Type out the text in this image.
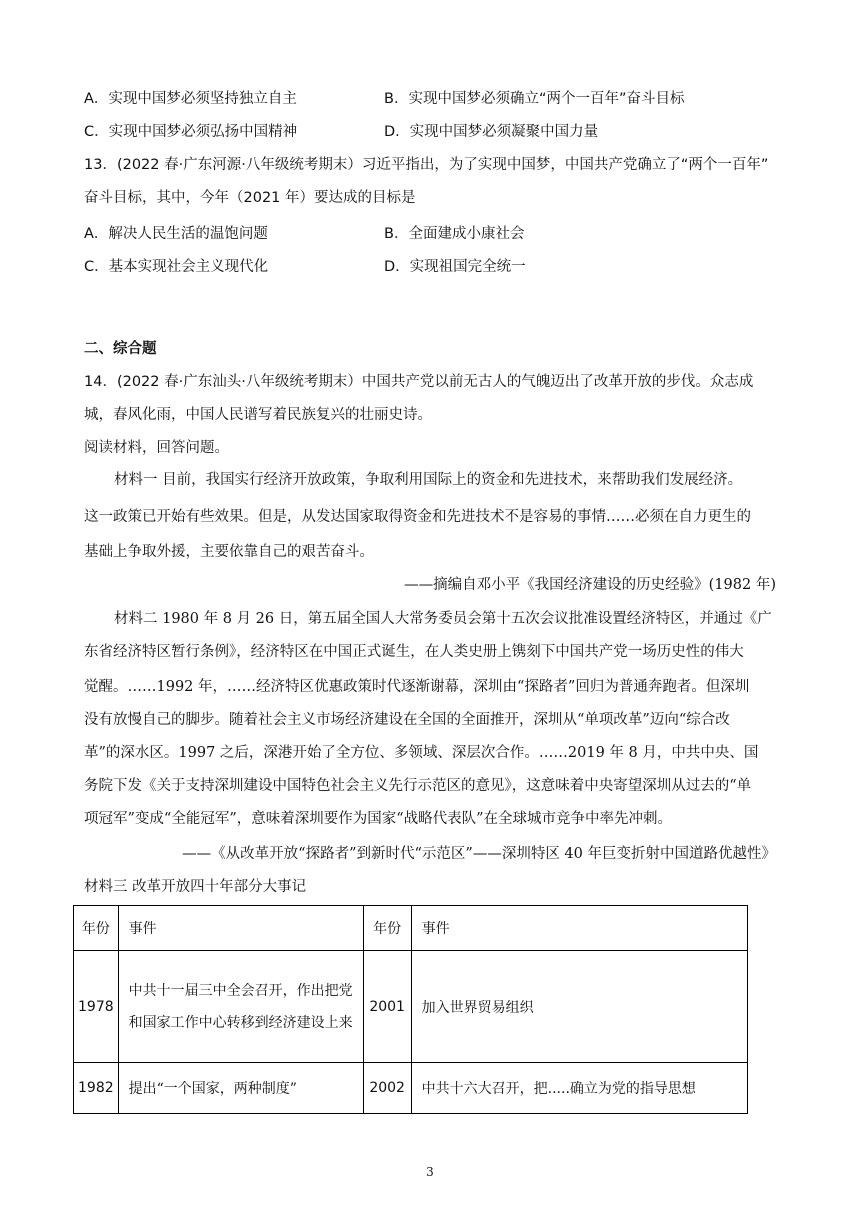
A．实现中国梦必须坚持独立自主	B．实现中国梦必须确立“两个一百年”奋斗目标
C．实现中国梦必须弘扬中国精神	D．实现中国梦必须凝聚中国力量
13．(2022 春·广东河源·八年级统考期末）习近平指出，为了实现中国梦，中国共产党确立了“两个一百年”
奋斗目标，其中，今年（2021 年）要达成的目标是
A．解决人民生活的温饱问题	B．全面建成小康社会
C．基本实现社会主义现代化	D．实现祖国完全统一
二、综合题
14．(2022 春·广东汕头·八年级统考期末）中国共产党以前无古人的气魄迈出了改革开放的步伐。众志成
城，春风化雨，中国人民谱写着民族复兴的壮丽史诗。
阅读材料，回答问题。
材料一 目前，我国实行经济开放政策，争取利用国际上的资金和先进技术，来帮助我们发展经济。
这一政策已开始有些效果。但是，从发达国家取得资金和先进技术不是容易的事情……必须在自力更生的
基础上争取外援，主要依靠自己的艰苦奋斗。
——摘编自邓小平《我国经济建设的历史经验》(1982 年)
材料二 1980 年 8 月 26 日，第五届全国人大常务委员会第十五次会议批准设置经济特区，并通过《广
东省经济特区暂行条例》，经济特区在中国正式诞生，在人类史册上镌刻下中国共产党一场历史性的伟大
觉醒。……1992 年，……经济特区优惠政策时代逐渐谢幕，深圳由“探路者”回归为普通奔跑者。但深圳
没有放慢自己的脚步。随着社会主义市场经济建设在全国的全面推开，深圳从“单项改革”迈向“综合改
革”的深水区。1997 之后，深港开始了全方位、多领域、深层次合作。……2019 年 8 月，中共中央、国
务院下发《关于支持深圳建设中国特色社会主义先行示范区的意见》，这意味着中央寄望深圳从过去的“单
项冠军”变成“全能冠军”，意味着深圳要作为国家“战略代表队”在全球城市竞争中率先冲刺。
——《从改革开放“探路者”到新时代“示范区”——深圳特区 40 年巨变折射中国道路优越性》
材料三 改革开放四十年部分大事记
年份	事件	年份	事件
1978	中共十一届三中全会召开，作出把党和国家工作中心转移到经济建设上来	2001	加入世界贸易组织
1982	提出“一个国家，两种制度”	2002	中共十六大召开，把.....确立为党的指导思想
3
